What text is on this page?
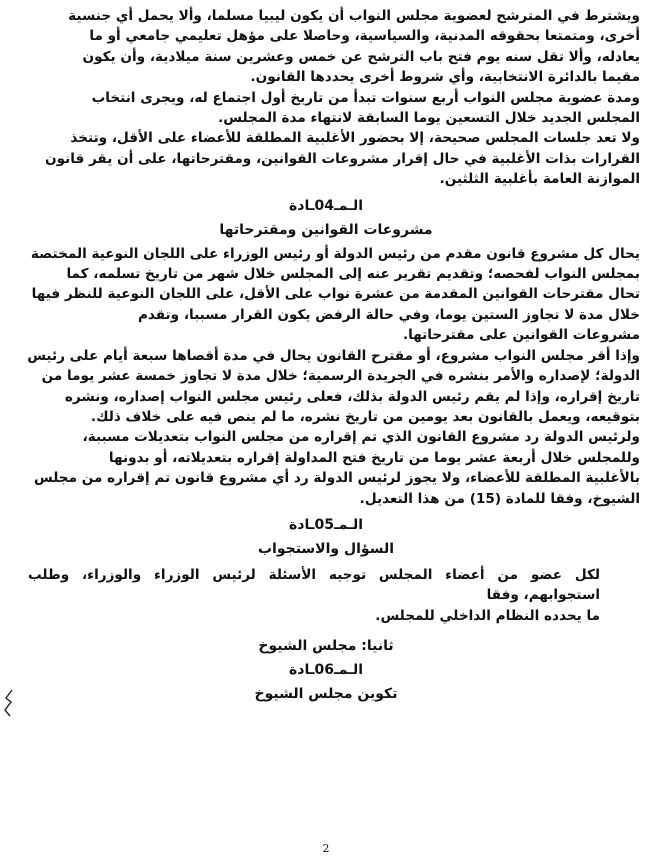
ويشترط في المترشح لعضوية مجلس النواب أن يكون ليبيا مسلما، وألا يحمل أي جنسية
أخرى، ومتمتعا بحقوقه المدنية، والسياسية، وحاصلا على مؤهل تعليمي جامعي أو ما
يعادله، وألا تقل سنه يوم فتح باب الترشح عن خمس وعشرين سنة ميلادية، وأن يكون
مقيما بالدائرة الانتخابية، وأي شروط أخرى يحددها القانون.

ومدة عضوية مجلس النواب أربع سنوات تبدأ من تاريخ أول اجتماع له، ويجرى انتخاب
المجلس الجديد خلال التسعين يوما السابقة لانتهاء مدة المجلس.

ولا تعد جلسات المجلس صحيحة، إلا بحضور الأغلبية المطلقة للأعضاء على الأقل، وتتخذ
القرارات بذات الأغلبية في حال إقرار مشروعات القوانين، ومقترحاتها، على أن يقر قانون
الموازنة العامة بأغلبية الثلثين.

الـمـ04ـادة
مشروعات القوانين ومقترحاتها

يحال كل مشروع قانون مقدم من رئيس الدولة أو رئيس الوزراء على اللجان النوعية المختصة
بمجلس النواب لفحصه؛ وتقديم تقرير عنه إلى المجلس خلال شهر من تاريخ تسلمه، كما
تحال مقترحات القوانين المقدمة من عشرة نواب على الأقل، على اللجان النوعية للنظر فيها
خلال مدة لا تجاوز الستين يوما، وفي حالة الرفض يكون القرار مسببا، وتقدم
مشروعات القوانين على مقترحاتها.

وإذا أقر مجلس النواب مشروع، أو مقترح القانون يحال في مدة أقصاها سبعة أيام على رئيس
الدولة؛ لإصداره والأمر بنشره في الجريدة الرسمية؛ خلال مدة لا تجاوز خمسة عشر يوما من
تاريخ إقراره، وإذا لم يقم رئيس الدولة بذلك، فعلى رئيس مجلس النواب إصداره، ونشره
بتوقيعه، ويعمل بالقانون بعد يومين من تاريخ نشره، ما لم ينص فيه على خلاف ذلك.
ولرئيس الدولة رد مشروع القانون الذي تم إقراره من مجلس النواب بتعديلات مسببة،
وللمجلس خلال أربعة عشر يوما من تاريخ فتح المداولة إقراره بتعديلاته، أو بدونها
بالأغلبية المطلقة للأعضاء، ولا يجوز لرئيس الدولة رد أي مشروع قانون تم إقراره من مجلس
الشيوخ، وفقا للمادة (15) من هذا التعديل.

الـمـ05ـادة
السؤال والاستجواب

لكل عضو من أعضاء المجلس توجيه الأسئلة لرئيس الوزراء والوزراء، وطلب استجوابهم، وفقا
ما يحدده النظام الداخلي للمجلس.

ثانيا: مجلس الشيوخ
الـمـ06ـادة
تكوين مجلس الشيوخ
2
